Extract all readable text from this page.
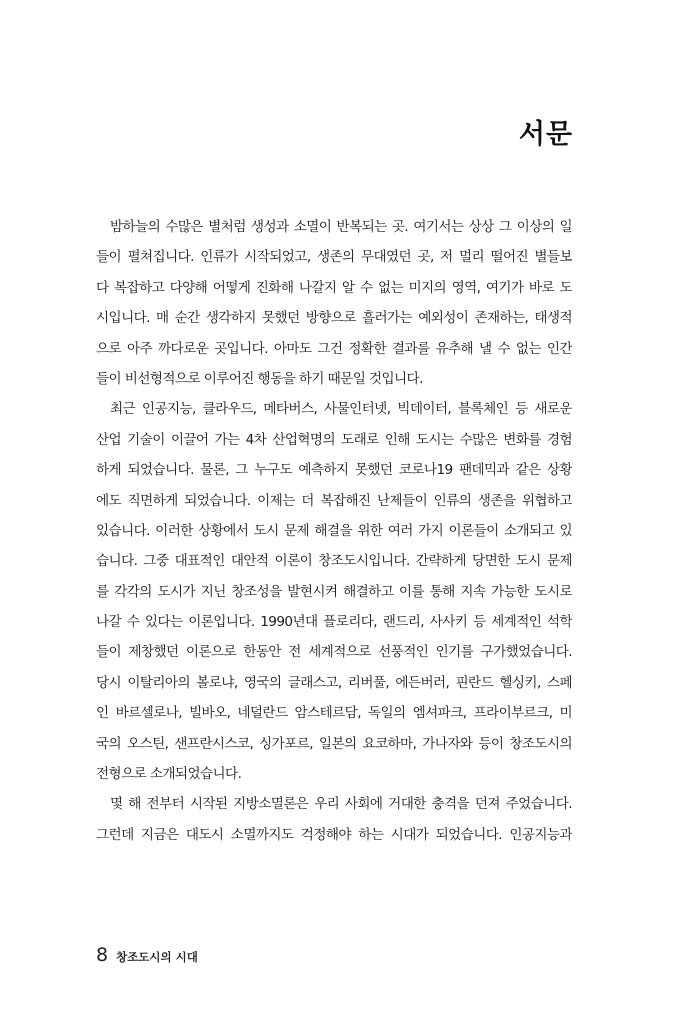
서문
밤하늘의 수많은 별처럼 생성과 소멸이 반복되는 곳. 여기서는 상상 그 이상의 일
들이 펼쳐집니다. 인류가 시작되었고, 생존의 무대였던 곳, 저 멀리 떨어진 별들보
다 복잡하고 다양해 어떻게 진화해 나갈지 알 수 없는 미지의 영역, 여기가 바로 도
시입니다. 매 순간 생각하지 못했던 방향으로 흘러가는 예외성이 존재하는, 태생적
으로 아주 까다로운 곳입니다. 아마도 그건 정확한 결과를 유추해 낼 수 없는 인간
들이 비선형적으로 이루어진 행동을 하기 때문일 것입니다.
최근 인공지능, 클라우드, 메타버스, 사물인터넷, 빅데이터, 블록체인 등 새로운
산업 기술이 이끌어 가는 4차 산업혁명의 도래로 인해 도시는 수많은 변화를 경험
하게 되었습니다. 물론, 그 누구도 예측하지 못했던 코로나19 팬데믹과 같은 상황
에도 직면하게 되었습니다. 이제는 더 복잡해진 난제들이 인류의 생존을 위협하고
있습니다. 이러한 상황에서 도시 문제 해결을 위한 여러 가지 이론들이 소개되고 있
습니다. 그중 대표적인 대안적 이론이 창조도시입니다. 간략하게 당면한 도시 문제
를 각각의 도시가 지닌 창조성을 발현시켜 해결하고 이를 통해 지속 가능한 도시로
나갈 수 있다는 이론입니다. 1990년대 플로리다, 랜드리, 사사키 등 세계적인 석학
들이 제창했던 이론으로 한동안 전 세계적으로 선풍적인 인기를 구가했었습니다.
당시 이탈리아의 볼로냐, 영국의 글래스고, 리버풀, 에든버러, 핀란드 헬싱키, 스페
인 바르셀로나, 빌바오, 네덜란드 암스테르담, 독일의 엠셔파크, 프라이부르크, 미
국의 오스틴, 샌프란시스코, 싱가포르, 일본의 요코하마, 가나자와 등이 창조도시의
전형으로 소개되었습니다.
몇 해 전부터 시작된 지방소멸론은 우리 사회에 거대한 충격을 던져 주었습니다.
그런데 지금은 대도시 소멸까지도 걱정해야 하는 시대가 되었습니다. 인공지능과
8 창조도시의 시대
